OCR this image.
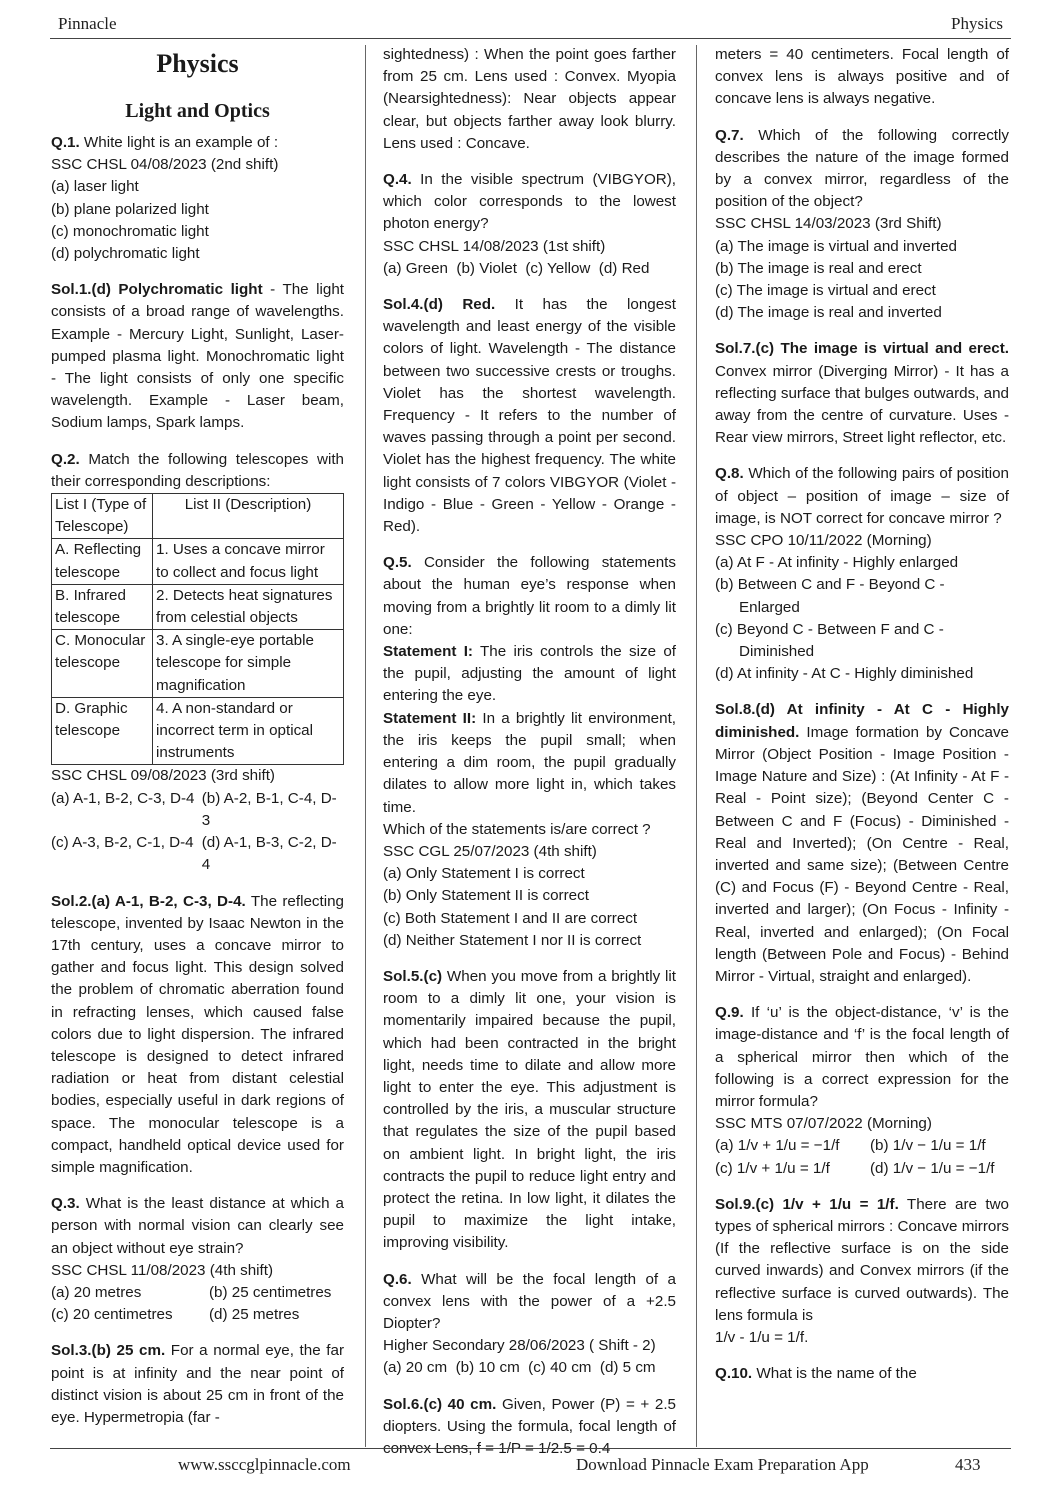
Pinnacle	Physics
Physics
Light and Optics

Q.1. White light is an example of :

SSC CHSL 04/08/2023 (2nd shift)

(a) laser light

(b) plane polarized light

(c) monochromatic light

(d) polychromatic light

Sol.1.(d) Polychromatic light - The light consists of a broad range of wavelengths. Example - Mercury Light, Sunlight, Laser-pumped plasma light. Monochromatic light - The light consists of only one specific wavelength. Example - Laser beam, Sodium lamps, Spark lamps.

Q.2. Match the following telescopes with their corresponding descriptions:

List I (Type of Telescope)	List II (Description)
A. Reflecting telescope	1. Uses a concave mirror to collect and focus light
B. Infrared telescope	2. Detects heat signatures from celestial objects
C. Monocular telescope	3. A single-eye portable telescope for simple magnification
D. Graphic telescope	4. A non-standard or incorrect term in optical instruments

SSC CHSL 09/08/2023 (3rd shift)

(a) A-1, B-2, C-3, D-4 (b) A-2, B-1, C-4, D-3
(c) A-3, B-2, C-1, D-4 (d) A-1, B-3, C-2, D-4

Sol.2.(a) A-1, B-2, C-3, D-4. The reflecting telescope, invented by Isaac Newton in the 17th century, uses a concave mirror to gather and focus light. This design solved the problem of chromatic aberration found in refracting lenses, which caused false colors due to light dispersion. The infrared telescope is designed to detect infrared radiation or heat from distant celestial bodies, especially useful in dark regions of space. The monocular telescope is a compact, handheld optical device used for simple magnification.

Q.3. What is the least distance at which a person with normal vision can clearly see an object without eye strain?

SSC CHSL 11/08/2023 (4th shift)

(a) 20 metres	(b) 25 centimetres
(c) 20 centimetres	(d) 25 metres

Sol.3.(b) 25 cm. For a normal eye, the far point is at infinity and the near point of distinct vision is about 25 cm in front of the eye. Hypermetropia (far -

sightedness) : When the point goes farther from 25 cm. Lens used : Convex. Myopia (Nearsightedness): Near objects appear clear, but objects farther away look blurry. Lens used : Concave.

Q.4. In the visible spectrum (VIBGYOR), which color corresponds to the lowest photon energy?

SSC CHSL 14/08/2023 (1st shift)

(a) Green  (b) Violet  (c) Yellow  (d) Red

Sol.4.(d) Red. It has the longest wavelength and least energy of the visible colors of light. Wavelength - The distance between two successive crests or troughs. Violet has the shortest wavelength. Frequency - It refers to the number of waves passing through a point per second. Violet has the highest frequency. The white light consists of 7 colors VIBGYOR (Violet - Indigo - Blue - Green - Yellow - Orange - Red).

Q.5. Consider the following statements about the human eye’s response when moving from a brightly lit room to a dimly lit one:

Statement I: The iris controls the size of the pupil, adjusting the amount of light entering the eye.

Statement II: In a brightly lit environment, the iris keeps the pupil small; when entering a dim room, the pupil gradually dilates to allow more light in, which takes time.

Which of the statements is/are correct ?

SSC CGL 25/07/2023 (4th shift)

(a) Only Statement I is correct

(b) Only Statement II is correct

(c) Both Statement I and II are correct

(d) Neither Statement I nor II is correct

Sol.5.(c) When you move from a brightly lit room to a dimly lit one, your vision is momentarily impaired because the pupil, which had been contracted in the bright light, needs time to dilate and allow more light to enter the eye. This adjustment is controlled by the iris, a muscular structure that regulates the size of the pupil based on ambient light. In bright light, the iris contracts the pupil to reduce light entry and protect the retina. In low light, it dilates the pupil to maximize the light intake, improving visibility.

Q.6. What will be the focal length of a convex lens with the power of a +2.5 Diopter?

Higher Secondary 28/06/2023 ( Shift - 2)

(a) 20 cm  (b) 10 cm  (c) 40 cm  (d) 5 cm

Sol.6.(c) 40 cm. Given, Power (P) = + 2.5 diopters. Using the formula, focal length of convex Lens, f = 1/P = 1/2.5 = 0.4

meters = 40 centimeters. Focal length of convex lens is always positive and of concave lens is always negative.

Q.7. Which of the following correctly describes the nature of the image formed by a convex mirror, regardless of the position of the object?

SSC CHSL 14/03/2023 (3rd Shift)

(a) The image is virtual and inverted

(b) The image is real and erect

(c) The image is virtual and erect

(d) The image is real and inverted

Sol.7.(c) The image is virtual and erect. Convex mirror (Diverging Mirror) - It has a reflecting surface that bulges outwards, and away from the centre of curvature. Uses - Rear view mirrors, Street light reflector, etc.

Q.8. Which of the following pairs of position of object – position of image – size of image, is NOT correct for concave mirror ?

SSC CPO 10/11/2022 (Morning)

(a) At F - At infinity - Highly enlarged

(b) Between C and F - Beyond C - Enlarged

(c) Beyond C - Between F and C - Diminished

(d) At infinity - At C - Highly diminished

Sol.8.(d) At infinity - At C - Highly diminished. Image formation by Concave Mirror (Object Position - Image Position - Image Nature and Size) : (At Infinity - At F - Real - Point size); (Beyond Center C - Between C and F (Focus) - Diminished - Real and Inverted); (On Centre - Real, inverted and same size); (Between Centre (C) and Focus (F) - Beyond Centre - Real, inverted and larger); (On Focus - Infinity - Real, inverted and enlarged); (On Focal length (Between Pole and Focus) - Behind Mirror - Virtual, straight and enlarged).

Q.9. If ‘u’ is the object-distance, ‘v’ is the image-distance and ‘f’ is the focal length of a spherical mirror then which of the following is a correct expression for the mirror formula?

SSC MTS 07/07/2022 (Morning)

(a) 1/v + 1/u = −1/f	(b) 1/v − 1/u = 1/f
(c) 1/v + 1/u = 1/f	(d) 1/v − 1/u = −1/f

Sol.9.(c) 1/v + 1/u = 1/f. There are two types of spherical mirrors : Concave mirrors (If the reflective surface is on the side curved inwards) and Convex mirrors (if the reflective surface is curved outwards). The lens formula is

1/v - 1/u = 1/f.

Q.10. What is the name of the

www.ssccglpinnacle.com	Download Pinnacle Exam Preparation App	433
